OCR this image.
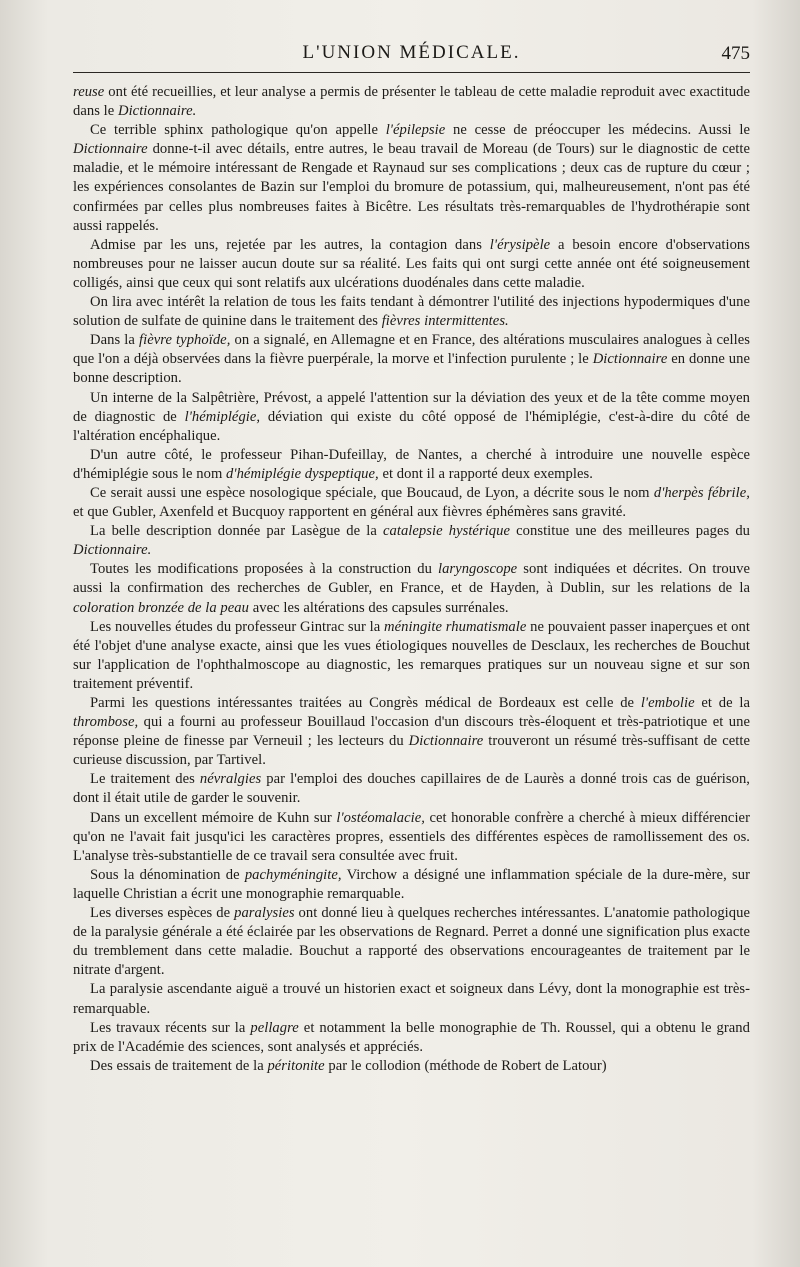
L'UNION MÉDICALE.	475

reuse ont été recueillies, et leur analyse a permis de présenter le tableau de cette maladie reproduit avec exactitude dans le Dictionnaire.

Ce terrible sphinx pathologique qu'on appelle l'épilepsie ne cesse de préoccuper les médecins. Aussi le Dictionnaire donne-t-il avec détails, entre autres, le beau travail de Moreau (de Tours) sur le diagnostic de cette maladie, et le mémoire intéressant de Rengade et Raynaud sur ses complications ; deux cas de rupture du cœur ; les expériences consolantes de Bazin sur l'emploi du bromure de potassium, qui, malheureusement, n'ont pas été confirmées par celles plus nombreuses faites à Bicêtre. Les résultats très-remarquables de l'hydrothérapie sont aussi rappelés.

Admise par les uns, rejetée par les autres, la contagion dans l'érysipèle a besoin encore d'observations nombreuses pour ne laisser aucun doute sur sa réalité. Les faits qui ont surgi cette année ont été soigneusement colligés, ainsi que ceux qui sont relatifs aux ulcérations duodénales dans cette maladie.

On lira avec intérêt la relation de tous les faits tendant à démontrer l'utilité des injections hypodermiques d'une solution de sulfate de quinine dans le traitement des fièvres intermittentes.

Dans la fièvre typhoïde, on a signalé, en Allemagne et en France, des altérations musculaires analogues à celles que l'on a déjà observées dans la fièvre puerpérale, la morve et l'infection purulente ; le Dictionnaire en donne une bonne description.

Un interne de la Salpêtrière, Prévost, a appelé l'attention sur la déviation des yeux et de la tête comme moyen de diagnostic de l'hémiplégie, déviation qui existe du côté opposé de l'hémiplégie, c'est-à-dire du côté de l'altération encéphalique.

D'un autre côté, le professeur Pihan-Dufeillay, de Nantes, a cherché à introduire une nouvelle espèce d'hémiplégie sous le nom d'hémiplégie dyspeptique, et dont il a rapporté deux exemples.

Ce serait aussi une espèce nosologique spéciale, que Boucaud, de Lyon, a décrite sous le nom d'herpès fébrile, et que Gubler, Axenfeld et Bucquoy rapportent en général aux fièvres éphémères sans gravité.

La belle description donnée par Lasègue de la catalepsie hystérique constitue une des meilleures pages du Dictionnaire.

Toutes les modifications proposées à la construction du laryngoscope sont indiquées et décrites. On trouve aussi la confirmation des recherches de Gubler, en France, et de Hayden, à Dublin, sur les relations de la coloration bronzée de la peau avec les altérations des capsules surrénales.

Les nouvelles études du professeur Gintrac sur la méningite rhumatismale ne pouvaient passer inaperçues et ont été l'objet d'une analyse exacte, ainsi que les vues étiologiques nouvelles de Desclaux, les recherches de Bouchut sur l'application de l'ophthalmoscope au diagnostic, les remarques pratiques sur un nouveau signe et sur son traitement préventif.

Parmi les questions intéressantes traitées au Congrès médical de Bordeaux est celle de l'embolie et de la thrombose, qui a fourni au professeur Bouillaud l'occasion d'un discours très-éloquent et très-patriotique et une réponse pleine de finesse par Verneuil ; les lecteurs du Dictionnaire trouveront un résumé très-suffisant de cette curieuse discussion, par Tartivel.

Le traitement des névralgies par l'emploi des douches capillaires de de Laurès a donné trois cas de guérison, dont il était utile de garder le souvenir.

Dans un excellent mémoire de Kuhn sur l'ostéomalacie, cet honorable confrère a cherché à mieux différencier qu'on ne l'avait fait jusqu'ici les caractères propres, essentiels des différentes espèces de ramollissement des os. L'analyse très-substantielle de ce travail sera consultée avec fruit.

Sous la dénomination de pachyméningite, Virchow a désigné une inflammation spéciale de la dure-mère, sur laquelle Christian a écrit une monographie remarquable.

Les diverses espèces de paralysies ont donné lieu à quelques recherches intéressantes. L'anatomie pathologique de la paralysie générale a été éclairée par les observations de Regnard. Perret a donné une signification plus exacte du tremblement dans cette maladie. Bouchut a rapporté des observations encourageantes de traitement par le nitrate d'argent.

La paralysie ascendante aiguë a trouvé un historien exact et soigneux dans Lévy, dont la monographie est très-remarquable.

Les travaux récents sur la pellagre et notamment la belle monographie de Th. Roussel, qui a obtenu le grand prix de l'Académie des sciences, sont analysés et appréciés.

Des essais de traitement de la péritonite par le collodion (méthode de Robert de Latour)
